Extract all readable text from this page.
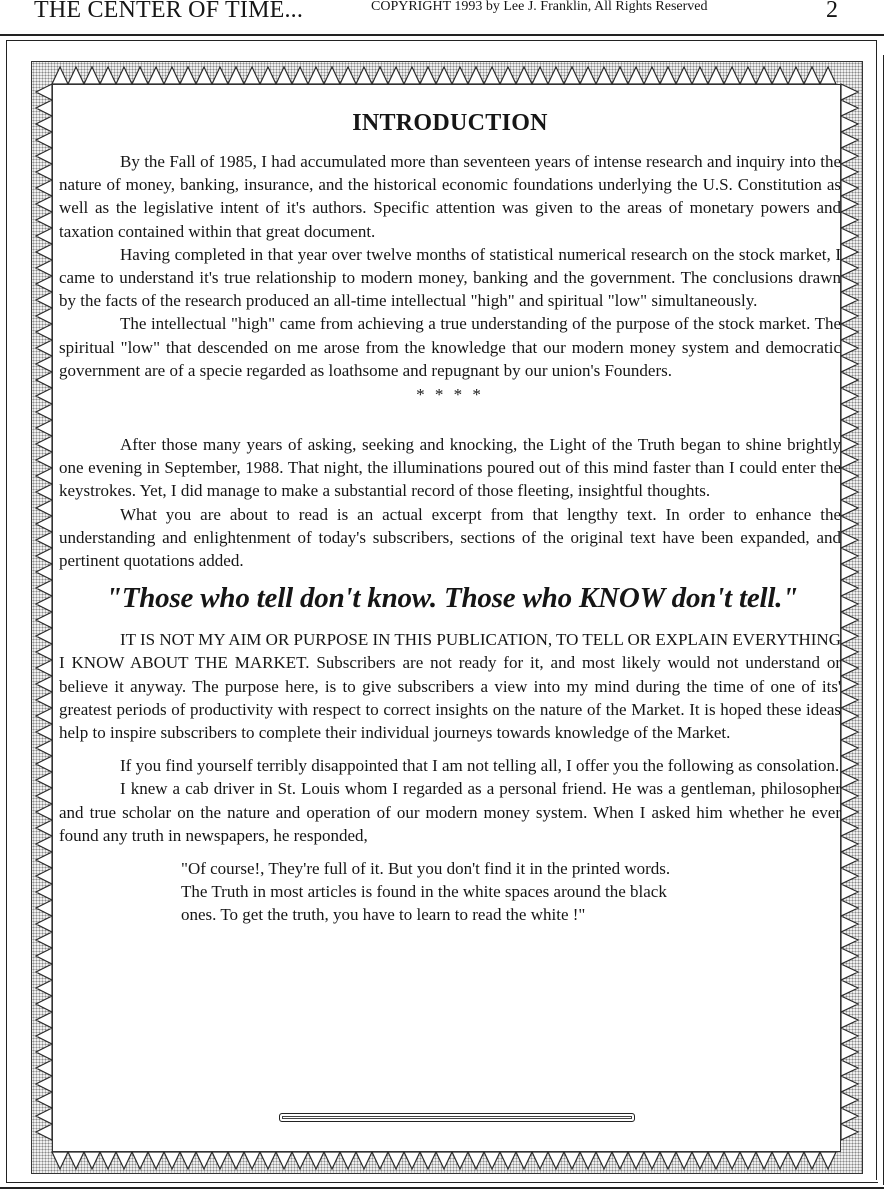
THE CENTER OF TIME...	COPYRIGHT 1993 by Lee J. Franklin, All Rights Reserved	2
INTRODUCTION

By the Fall of 1985, I had accumulated more than seventeen years of intense research and inquiry into the nature of money, banking, insurance, and the historical economic foundations underlying the U.S. Constitution as well as the legislative intent of it's authors. Specific attention was given to the areas of monetary powers and taxation contained within that great document.

Having completed in that year over twelve months of statistical numerical research on the stock market, I came to understand it's true relationship to modern money, banking and the government. The conclusions drawn by the facts of the research produced an all-time intellectual "high" and spiritual "low" simultaneously.

The intellectual "high" came from achieving a true understanding of the purpose of the stock market. The spiritual "low" that descended on me arose from the knowledge that our modern money system and democratic government are of a specie regarded as loathsome and repugnant by our union's Founders.

* * * *

After those many years of asking, seeking and knocking, the Light of the Truth began to shine brightly one evening in September, 1988. That night, the illuminations poured out of this mind faster than I could enter the keystrokes. Yet, I did manage to make a substantial record of those fleeting, insightful thoughts.

What you are about to read is an actual excerpt from that lengthy text. In order to enhance the understanding and enlightenment of today's subscribers, sections of the original text have been expanded, and pertinent quotations added.

"Those who tell don't know. Those who KNOW don't tell."

IT IS NOT MY AIM OR PURPOSE IN THIS PUBLICATION, TO TELL OR EXPLAIN EVERYTHING I KNOW ABOUT THE MARKET. Subscribers are not ready for it, and most likely would not understand or believe it anyway. The purpose here, is to give subscribers a view into my mind during the time of one of its' greatest periods of productivity with respect to correct insights on the nature of the Market. It is hoped these ideas help to inspire subscribers to complete their individual journeys towards knowledge of the Market.

If you find yourself terribly disappointed that I am not telling all, I offer you the following as consolation.

I knew a cab driver in St. Louis whom I regarded as a personal friend. He was a gentleman, philosopher and true scholar on the nature and operation of our modern money system. When I asked him whether he ever found any truth in newspapers, he responded,

"Of course!, They're full of it. But you don't find it in the printed words.
The Truth in most articles is found in the white spaces around the black
ones. To get the truth, you have to learn to read the white !"
